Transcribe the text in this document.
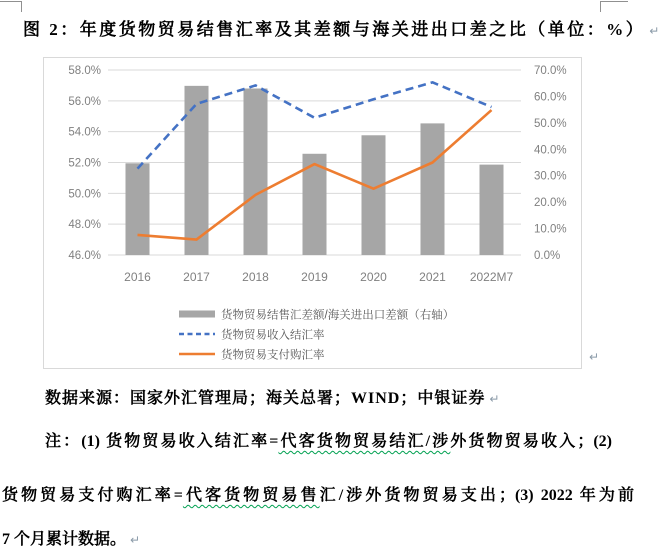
图 2：年度货物贸易结售汇率及其差额与海关进出口差之比（单位：%） ↵
58.0%
56.0%
54.0%
52.0%
50.0%
48.0%
46.0%
70.0%
60.0%
50.0%
40.0%
30.0%
20.0%
10.0%
0.0%
2016	2017	2018	2019	2020	2021 2022M7
货物贸易结售汇差额/海关进出口差额（右轴）
货物贸易收入结汇率
货物贸易支付购汇率	↵
数据来源：国家外汇管理局；海关总署；WIND；中银证券 ↵
注：(1) 货物贸易收入结汇率=代客货物贸易结汇/涉外货物贸易收入；(2)
货物贸易支付购汇率=代客货物贸易售汇/涉外货物贸易支出；(3) 2022 年为前
7 个月累计数据。 ↵
